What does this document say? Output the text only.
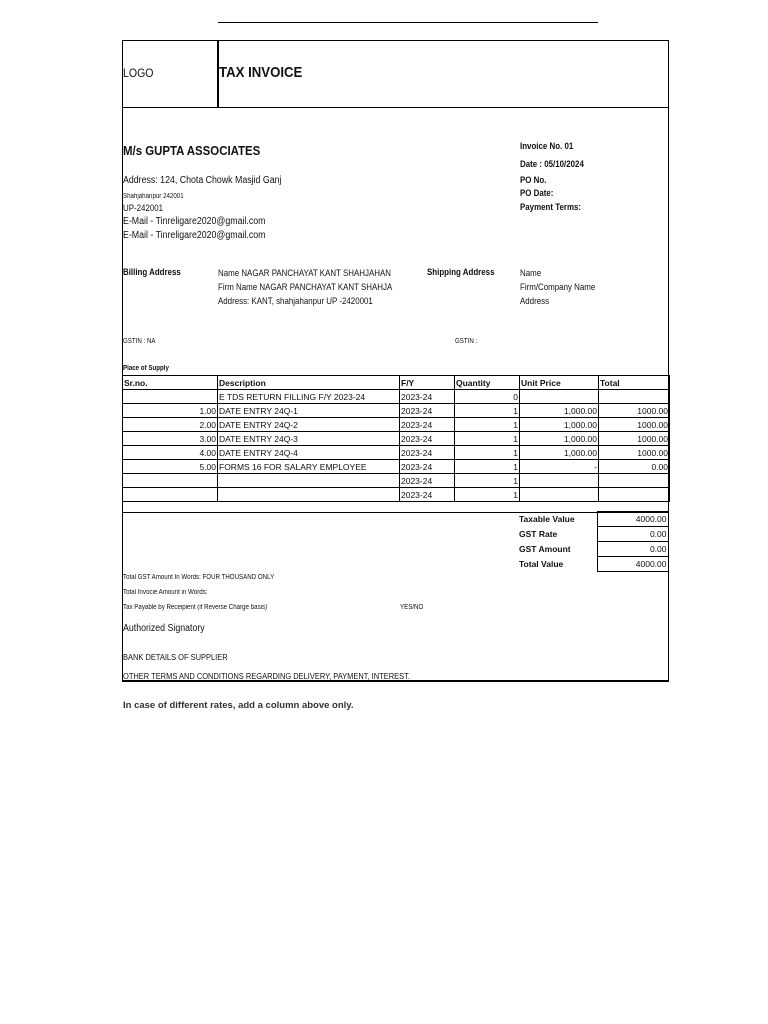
LOGO	TAX INVOICE
M/s GUPTA ASSOCIATES
Address: 124, Chota Chowk Masjid Ganj
Shahjahanpur 242001
UP-242001
E-Mail - Tinreligare2020@gmail.com
E-Mail - Tinreligare2020@gmail.com
Invoice No. 01
Date : 05/10/2024
PO No.
PO Date:
Payment Terms:
Billing Address	Name NAGAR PANCHAYAT KANT SHAHJAHAN
Firm Name NAGAR PANCHAYAT KANT SHAHJA
Address: KANT, shahjahanpur UP -2420001
Shipping Address	Name
Firm/Company Name
Address
GSTIN : NA	GSTIN :
Place of Supply
Sr.no.	Description	F/Y	Quantity	Unit Price	Total
	E TDS RETURN FILLING F/Y 2023-24	2023-24	0		
1.00	DATE ENTRY 24Q-1	2023-24	1	1,000.00	1000.00
2.00	DATE ENTRY 24Q-2	2023-24	1	1,000.00	1000.00
3.00	DATE ENTRY 24Q-3	2023-24	1	1,000.00	1000.00
4.00	DATE ENTRY 24Q-4	2023-24	1	1,000.00	1000.00
5.00	FORMS 16 FOR SALARY EMPLOYEE	2023-24	1	-	0.00
		2023-24	1		
		2023-24	1		
Taxable Value	4000.00
GST Rate	0.00
GST Amount	0.00
Total Value	4000.00
Total GST Amount In Words: FOUR THOUSAND ONLY
Total Invocie Amount in Words:
Tax Payable by Receipient (if Reverse Charge basis)	YES/NO
Authorized Signatory
BANK DETAILS OF SUPPLIER
OTHER TERMS AND CONDITIONS REGARDING DELIVERY, PAYMENT, INTEREST.
In case of different rates, add a column above only.
